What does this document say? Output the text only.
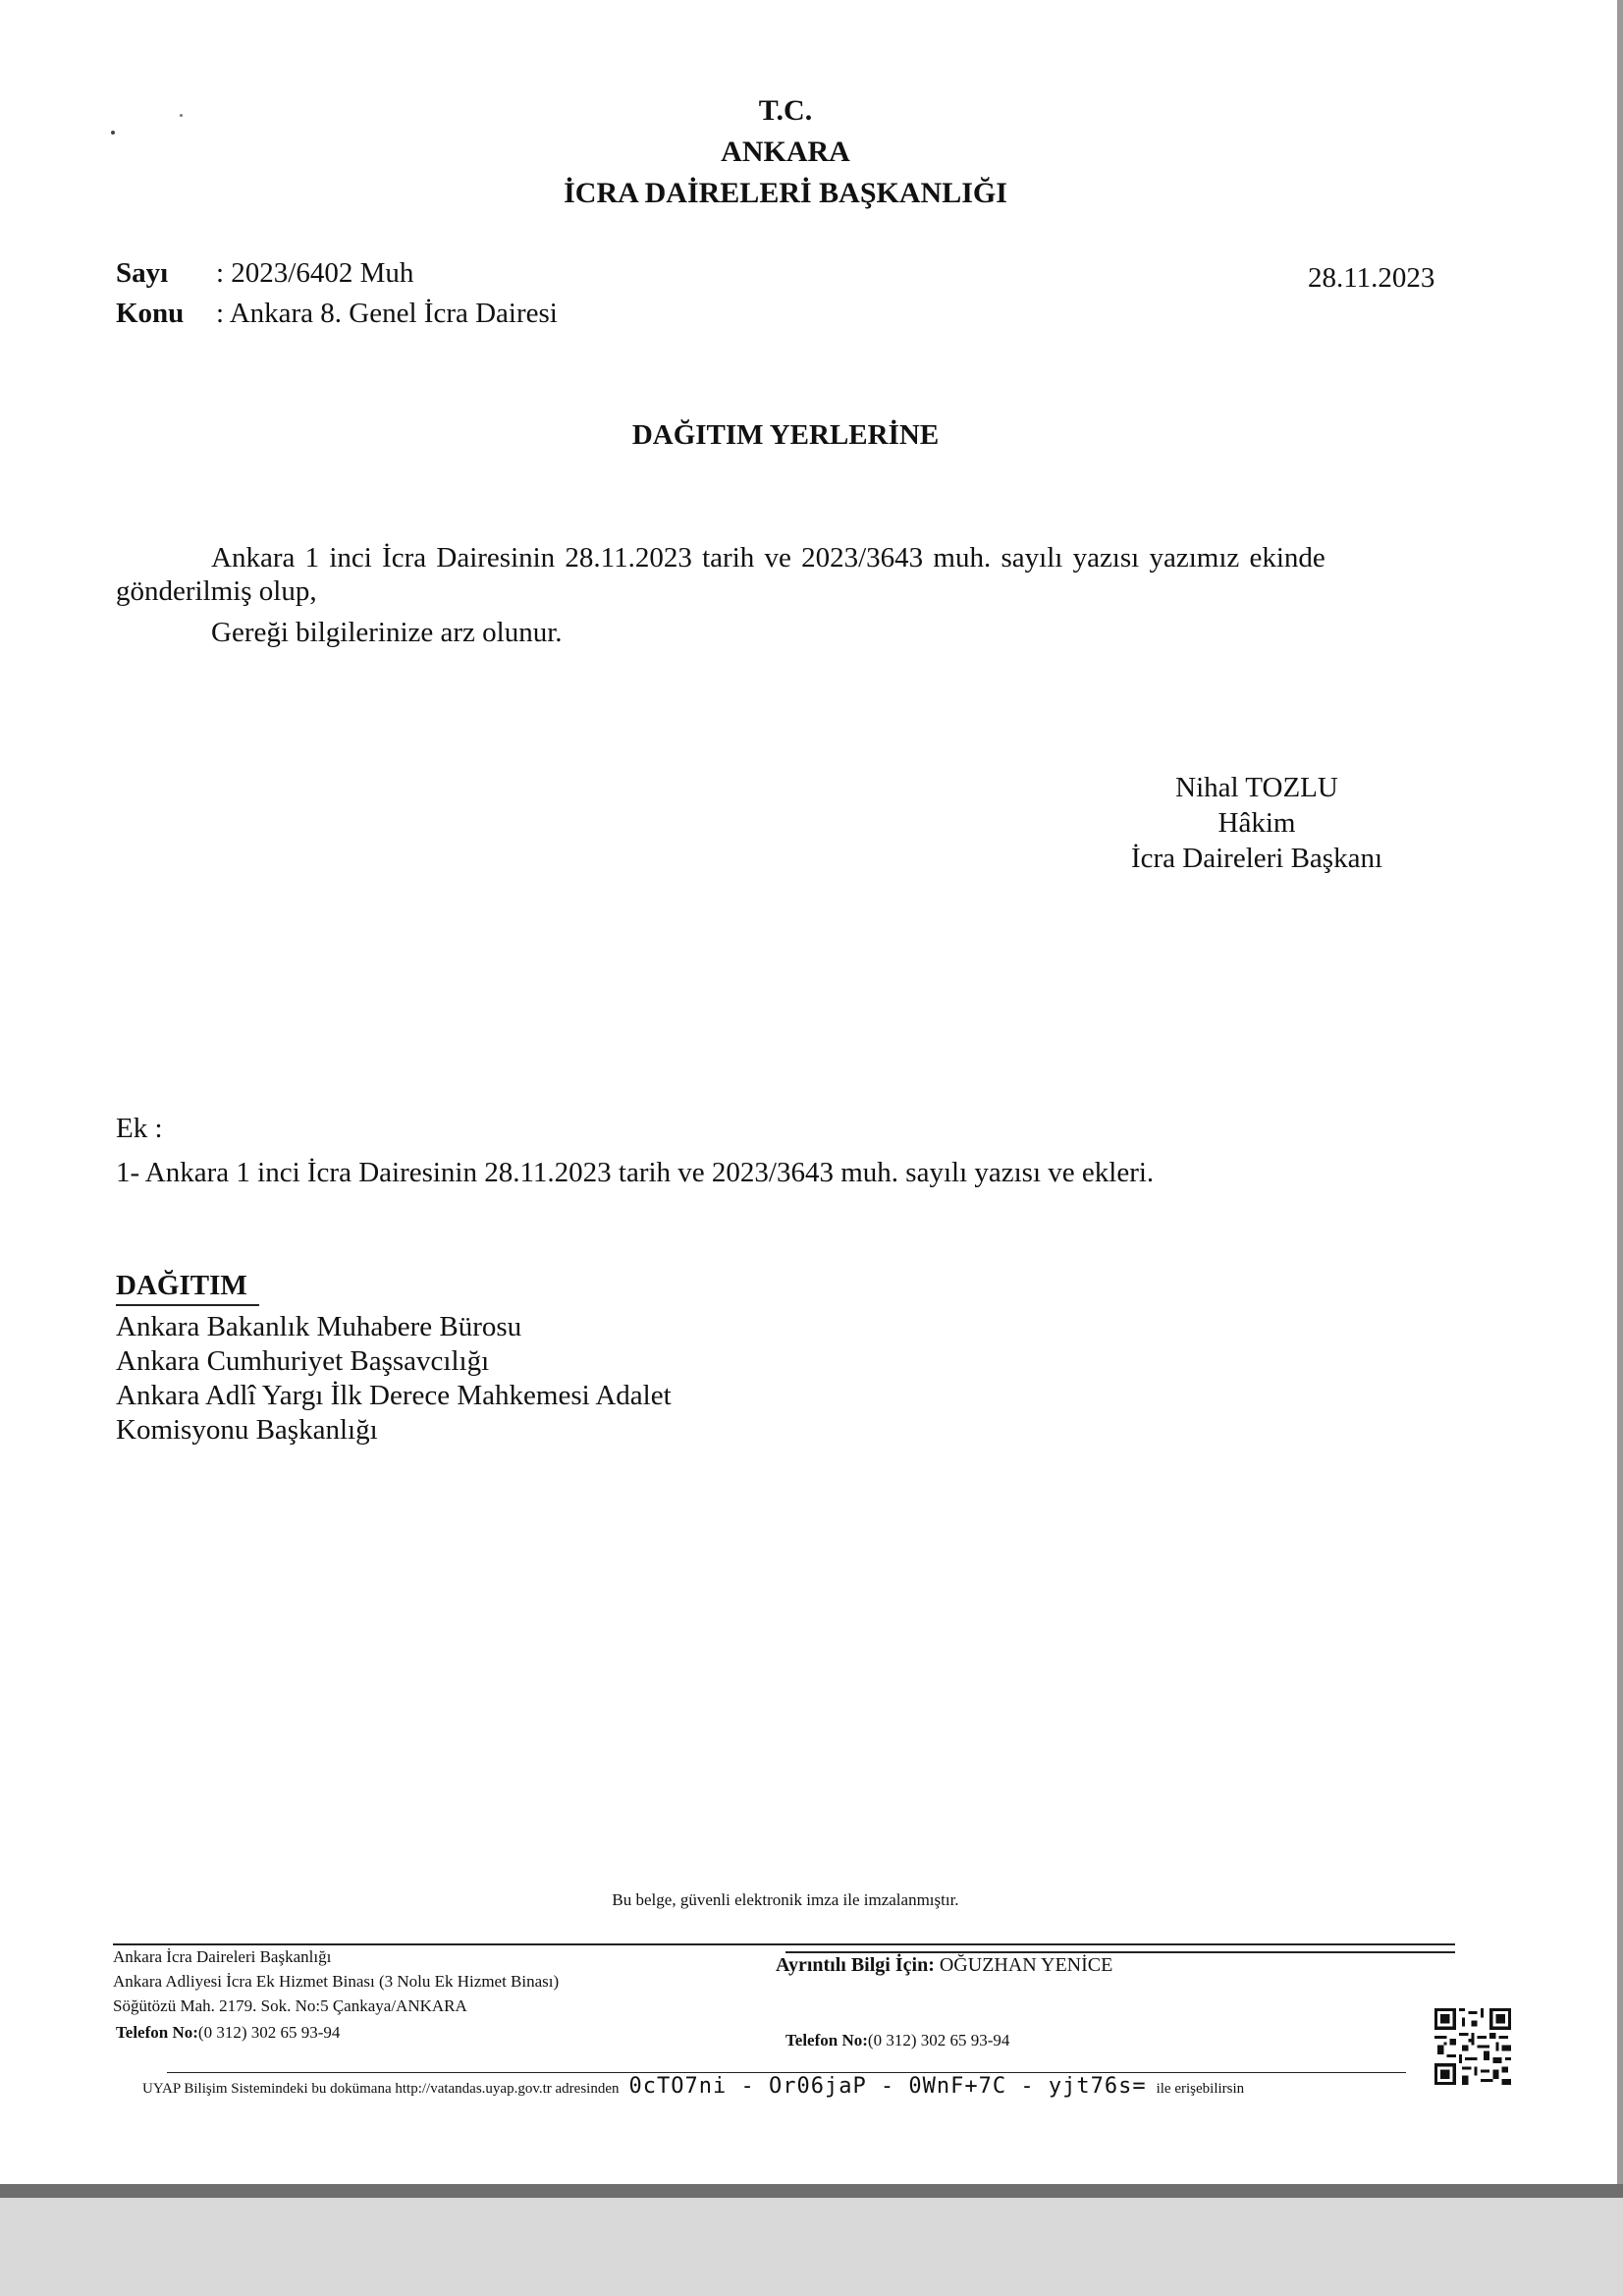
T.C.
ANKARA
İCRA DAİRELERİ BAŞKANLIĞI
Sayı : 2023/6402 Muh
Konu : Ankara 8. Genel İcra Dairesi
28.11.2023
DAĞITIM YERLERİNE
Ankara 1 inci İcra Dairesinin 28.11.2023 tarih ve 2023/3643 muh. sayılı yazısı yazımız ekinde
gönderilmiş olup,
Gereği bilgilerinize arz olunur.
Nihal TOZLU
Hâkim
İcra Daireleri Başkanı
Ek :
1- Ankara 1 inci İcra Dairesinin 28.11.2023 tarih ve 2023/3643 muh. sayılı yazısı ve ekleri.
DAĞITIM
Ankara Bakanlık Muhabere Bürosu
Ankara Cumhuriyet Başsavcılığı
Ankara Adlî Yargı İlk Derece Mahkemesi Adalet
Komisyonu Başkanlığı
Bu belge, güvenli elektronik imza ile imzalanmıştır.
Ankara İcra Daireleri Başkanlığı
Ankara Adliyesi İcra Ek Hizmet Binası (3 Nolu Ek Hizmet Binası)
Söğütözü Mah. 2179. Sok. No:5 Çankaya/ANKARA
Telefon No:(0 312) 302 65 93-94
Ayrıntılı Bilgi İçin: OĞUZHAN YENİCE
Telefon No:(0 312) 302 65 93-94
UYAP Bilişim Sistemindeki bu dokümana http://vatandas.uyap.gov.tr adresinden 0cTO7ni - Or06jaP - 0WnF+7C - yjt76s= ile erişebilirsin
